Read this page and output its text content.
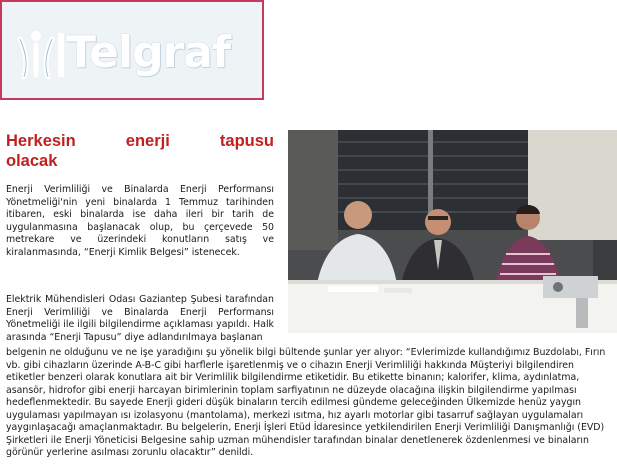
Telgraf
Herkesin enerji tapusu
olacak

Enerji Verimliliği ve Binalarda Enerji Performansı Yönetmeliği'nin yeni binalarda 1 Temmuz tarihinden itibaren, eski binalarda ise daha ileri bir tarih de uygulanmasına başlanacak olup, bu çerçevede 50 metrekare ve üzerindeki konutların satış ve kiralanmasında, “Enerji Kimlik Belgesi” istenecek.

Elektrik Mühendisleri Odası Gaziantep Şubesi tarafından Enerji Verimliliği ve Binalarda Enerji Performansı Yönetmeliği ile ilgili bilgilendirme açıklaması yapıldı. Halk arasında “Enerji Tapusu” diye adlandırılmaya başlanan

belgenin ne olduğunu ve ne işe yaradığını şu yönelik bilgi bültende şunlar yer alıyor: “Evlerimizde kullandığımız Buzdolabı, Fırın vb. gibi cihazların üzerinde A-B-C gibi harflerle işaretlenmiş ve o cihazın Enerji Verimliliği hakkında Müşteriyi bilgilendiren etiketler benzeri olarak konutlara ait bir Verimlilik bilgilendirme etiketidir. Bu etikette binanın; kalorifer, klima, aydınlatma, asansör, hidrofor gibi enerji harcayan birimlerinin toplam sarfiyatının ne düzeyde olacağına ilişkin bilgilendirme yapılması hedeflenmektedir. Bu sayede Enerji gideri düşük binaların tercih edilmesi gündeme geleceğinden Ülkemizde henüz yaygın uygulaması yapılmayan ısı izolasyonu (mantolama), merkezi ısıtma, hız ayarlı motorlar gibi tasarruf sağlayan uygulamaları yaygınlaşacağı amaçlanmaktadır. Bu belgelerin, Enerji İşleri Etüd İdaresince yetkilendirilen Enerji Verimliliği Danışmanlığı (EVD) Şirketleri ile Enerji Yöneticisi Belgesine sahip uzman mühendisler tarafından binalar denetlenerek özdenlenmesi ve binaların görünür yerlerine asılması zorunlu olacaktır” denildi.
